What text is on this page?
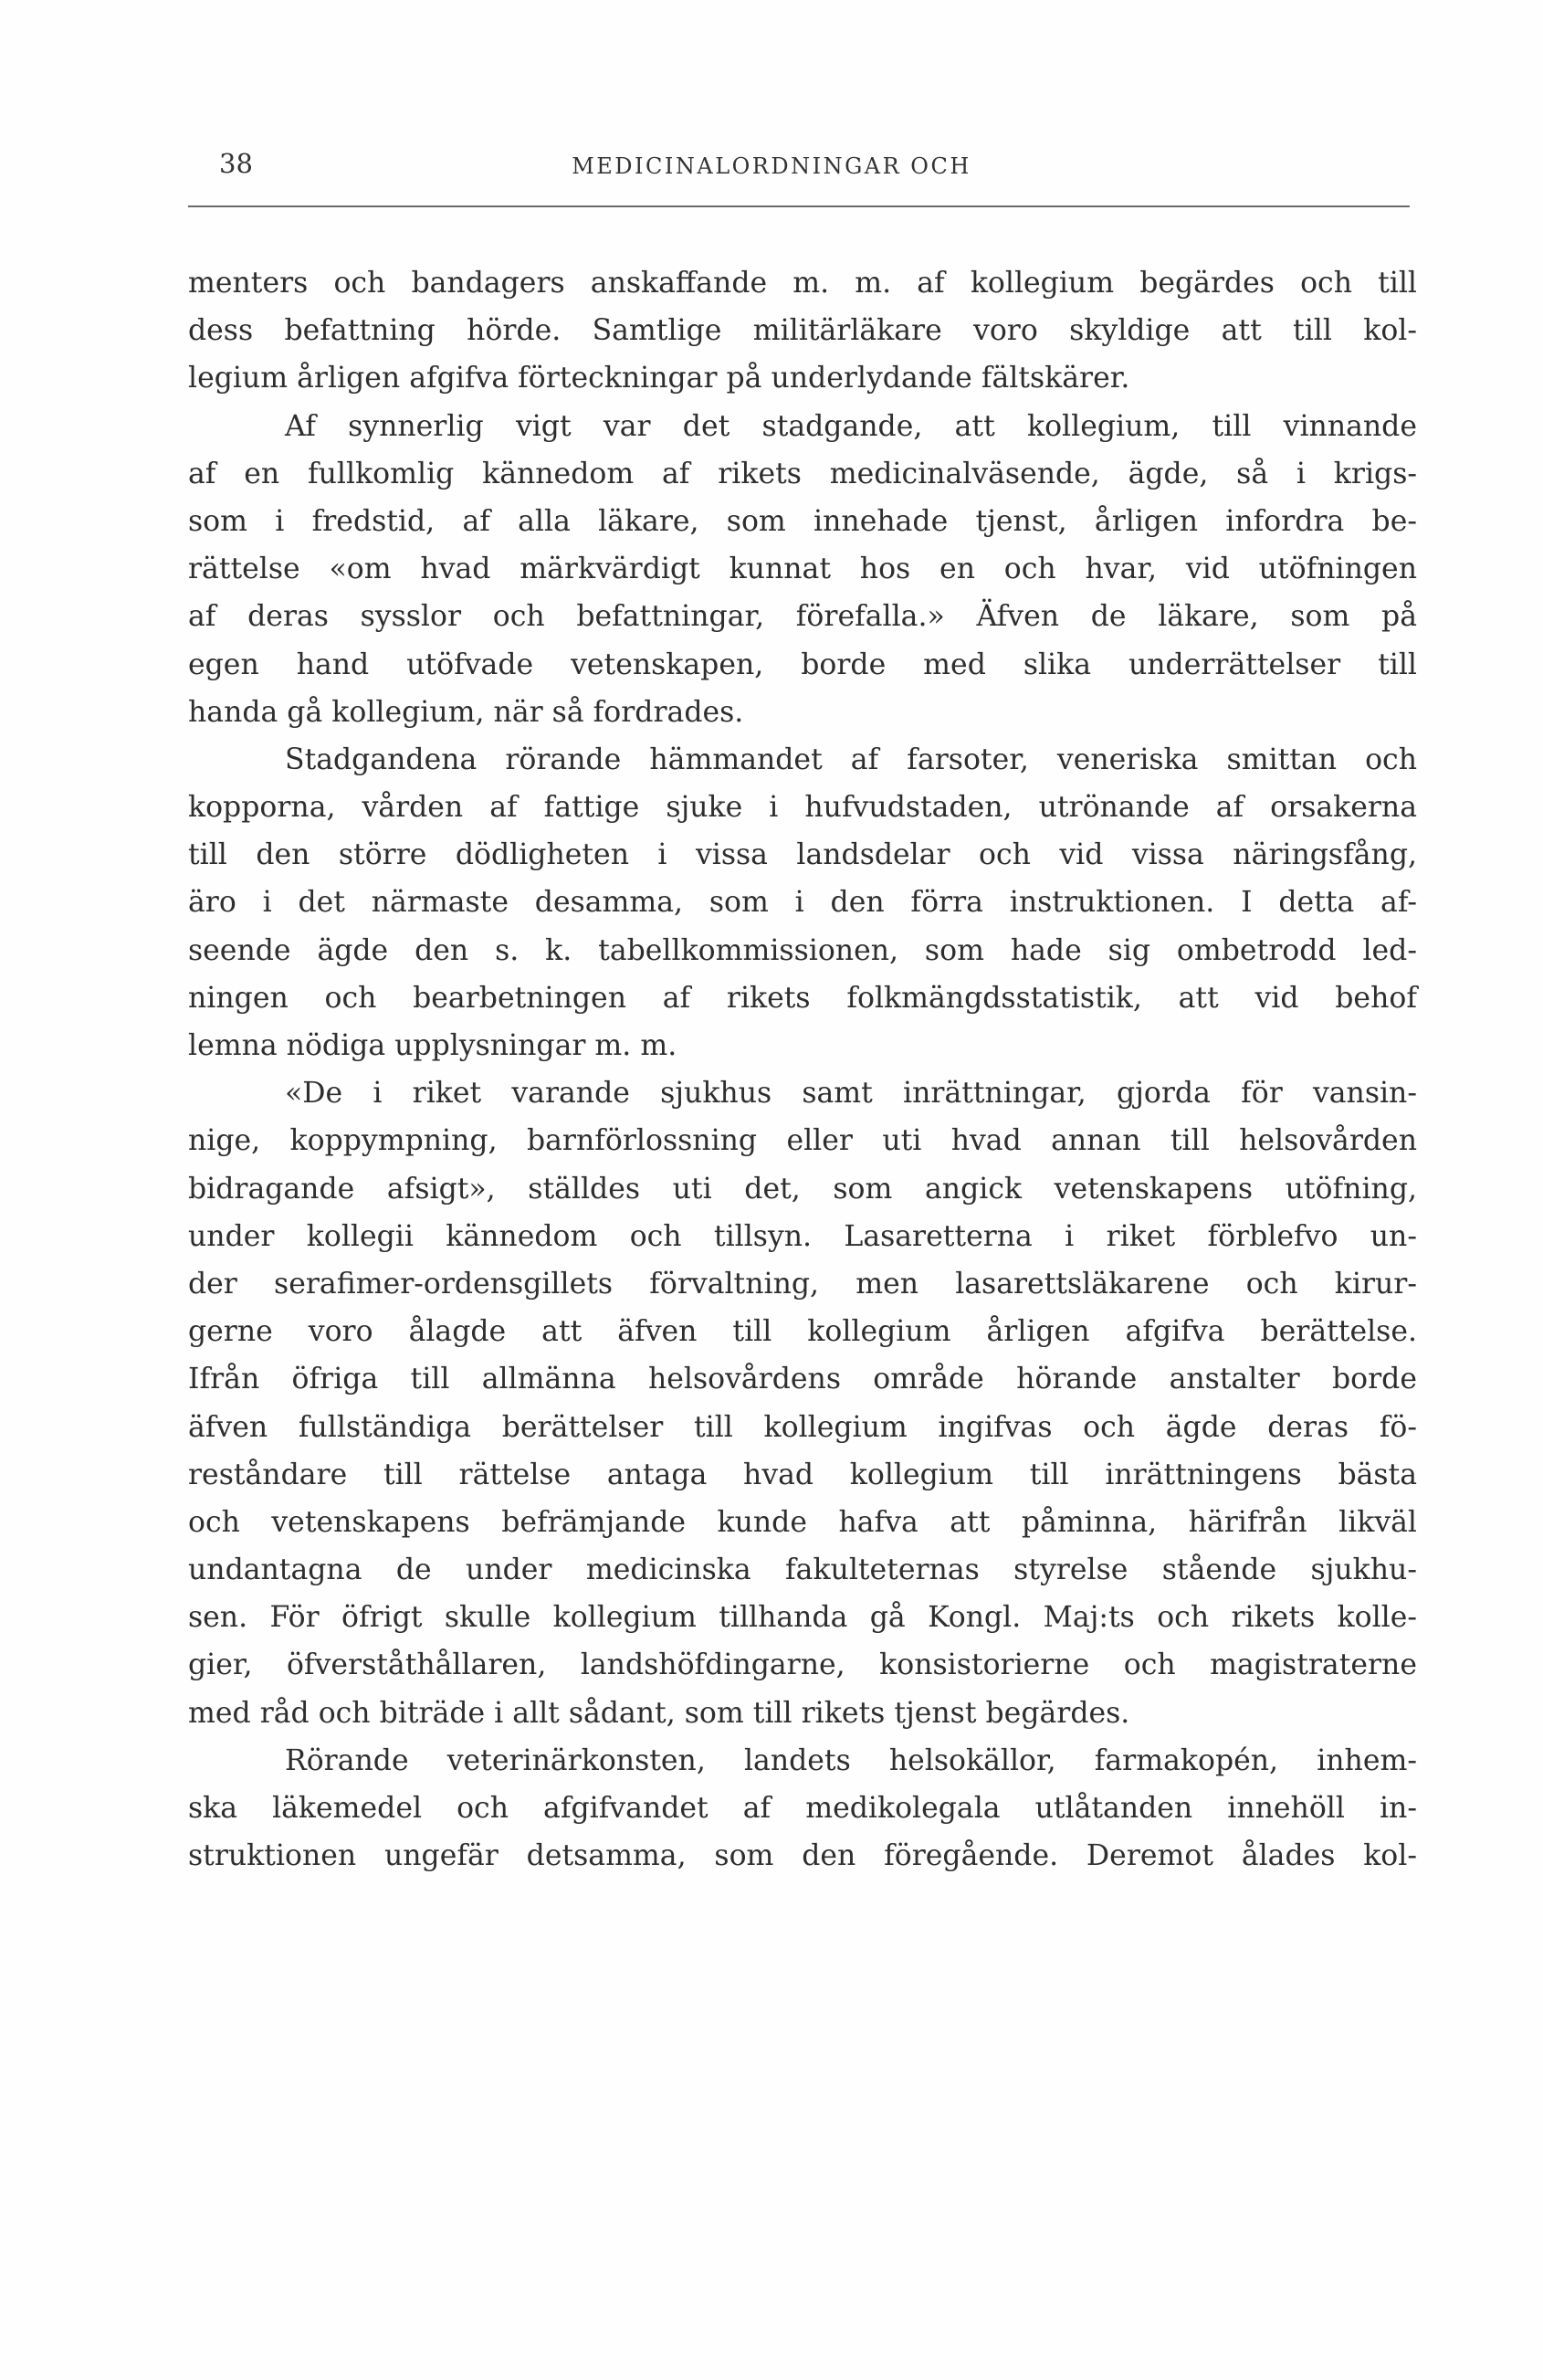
38	MEDICINALORDNINGAR OCH
menters och bandagers anskaffande m. m. af kollegium begärdes och till
dess befattning hörde. Samtlige militärläkare voro skyldige att till kol-
legium årligen afgifva förteckningar på underlydande fältskärer.
Af synnerlig vigt var det stadgande, att kollegium, till vinnande
af en fullkomlig kännedom af rikets medicinalväsende, ägde, så i krigs-
som i fredstid, af alla läkare, som innehade tjenst, årligen infordra be-
rättelse «om hvad märkvärdigt kunnat hos en och hvar, vid utöfningen
af deras sysslor och befattningar, förefalla.» Äfven de läkare, som på
egen hand utöfvade vetenskapen, borde med slika underrättelser till
handa gå kollegium, när så fordrades.
Stadgandena rörande hämmandet af farsoter, veneriska smittan och
kopporna, vården af fattige sjuke i hufvudstaden, utrönande af orsakerna
till den större dödligheten i vissa landsdelar och vid vissa näringsfång,
äro i det närmaste desamma, som i den förra instruktionen. I detta af-
seende ägde den s. k. tabellkommissionen, som hade sig ombetrodd led-
ningen och bearbetningen af rikets folkmängdsstatistik, att vid behof
lemna nödiga upplysningar m. m.
«De i riket varande sjukhus samt inrättningar, gjorda för vansin-
nige, koppympning, barnförlossning eller uti hvad annan till helsovården
bidragande afsigt», ställdes uti det, som angick vetenskapens utöfning,
under kollegii kännedom och tillsyn. Lasaretterna i riket förblefvo un-
der serafimer-ordensgillets förvaltning, men lasarettsläkarene och kirur-
gerne voro ålagde att äfven till kollegium årligen afgifva berättelse.
Ifrån öfriga till allmänna helsovårdens område hörande anstalter borde
äfven fullständiga berättelser till kollegium ingifvas och ägde deras fö-
reståndare till rättelse antaga hvad kollegium till inrättningens bästa
och vetenskapens befrämjande kunde hafva att påminna, härifrån likväl
undantagna de under medicinska fakulteternas styrelse stående sjukhu-
sen. För öfrigt skulle kollegium tillhanda gå Kongl. Maj:ts och rikets kolle-
gier, öfverståthållaren, landshöfdingarne, konsistorierne och magistraterne
med råd och biträde i allt sådant, som till rikets tjenst begärdes.
Rörande veterinärkonsten, landets helsokällor, farmakopén, inhem-
ska läkemedel och afgifvandet af medikolegala utlåtanden innehöll in-
struktionen ungefär detsamma, som den föregående. Deremot ålades kol-
